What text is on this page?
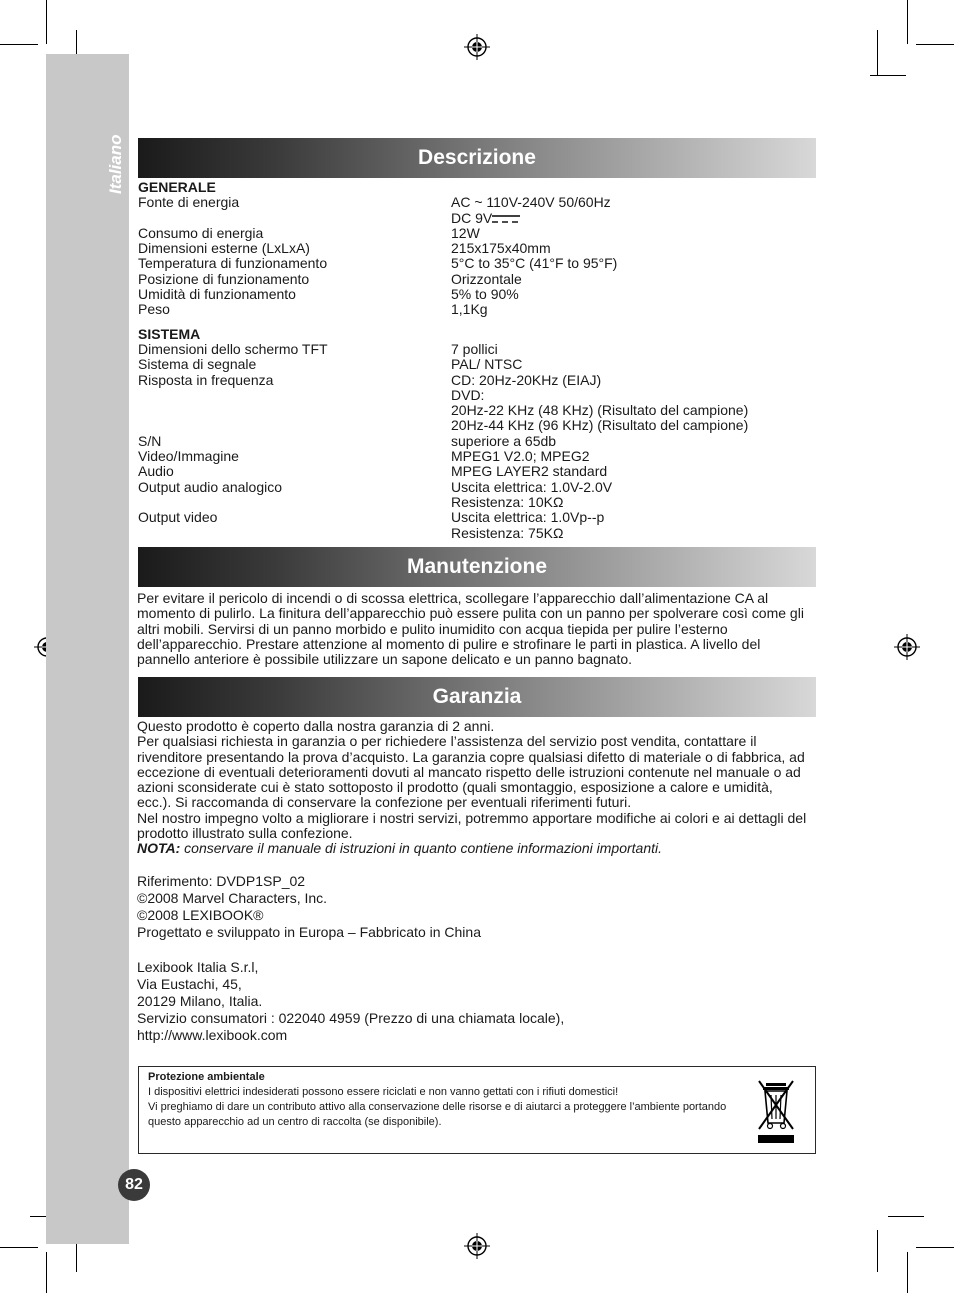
Italiano
82
Descrizione
GENERALE
Fonte di energia	AC ~ 110V-240V 50/60Hz
DC 9V
Consumo di energia	12W
Dimensioni esterne (LxLxA)	215x175x40mm
Temperatura di funzionamento	5°C to 35°C (41°F to 95°F)
Posizione di funzionamento	Orizzontale
Umidità di funzionamento	5% to 90%
Peso	1,1Kg
SISTEMA
Dimensioni dello schermo TFT	7 pollici
Sistema di segnale	PAL/ NTSC
Risposta in frequenza	CD: 20Hz-20KHz (EIAJ)
DVD:
20Hz-22 KHz (48 KHz) (Risultato del campione)
20Hz-44 KHz (96 KHz) (Risultato del campione)
S/N	superiore a 65db
Video/Immagine	MPEG1 V2.0; MPEG2
Audio	MPEG LAYER2 standard
Output audio analogico	Uscita elettrica: 1.0V-2.0V
Resistenza: 10KΩ
Output video	Uscita elettrica: 1.0Vp--p
Resistenza: 75KΩ
Manutenzione

Per evitare il pericolo di incendi o di scossa elettrica, scollegare l’apparecchio dall’alimentazione CA al momento di pulirlo. La finitura dell’apparecchio può essere pulita con un panno per spolverare così come gli altri mobili. Servirsi di un panno morbido e pulito inumidito con acqua tiepida per pulire l’esterno dell’apparecchio. Prestare attenzione al momento di pulire e strofinare le parti in plastica. A livello del pannello anteriore è possibile utilizzare un sapone delicato e un panno bagnato.

Garanzia

Questo prodotto è coperto dalla nostra garanzia di 2 anni.

Per qualsiasi richiesta in garanzia o per richiedere l’assistenza del servizio post vendita, contattare il rivenditore presentando la prova d’acquisto. La garanzia copre qualsiasi difetto di materiale o di fabbrica, ad eccezione di eventuali deterioramenti dovuti al mancato rispetto delle istruzioni contenute nel manuale o ad azioni sconsiderate cui è stato sottoposto il prodotto (quali smontaggio, esposizione a calore e umidità, ecc.). Si raccomanda di conservare la confezione per eventuali riferimenti futuri.

Nel nostro impegno volto a migliorare i nostri servizi, potremmo apportare modifiche ai colori e ai dettagli del prodotto illustrato sulla confezione.

NOTA: conservare il manuale di istruzioni in quanto contiene informazioni importanti.

Riferimento: DVDP1SP_02
©2008 Marvel Characters, Inc.
©2008 LEXIBOOK®
Progettato e sviluppato in Europa – Fabbricato in China
Lexibook Italia S.r.l,
Via Eustachi, 45,
20129 Milano, Italia.
Servizio consumatori : 022040 4959 (Prezzo di una chiamata locale),
http://www.lexibook.com
Protezione ambientale
I dispositivi elettrici indesiderati possono essere riciclati e non vanno gettati con i rifiuti domestici!
Vi preghiamo di dare un contributo attivo alla conservazione delle risorse e di aiutarci a proteggere l’ambiente portando questo apparecchio ad un centro di raccolta (se disponibile).
